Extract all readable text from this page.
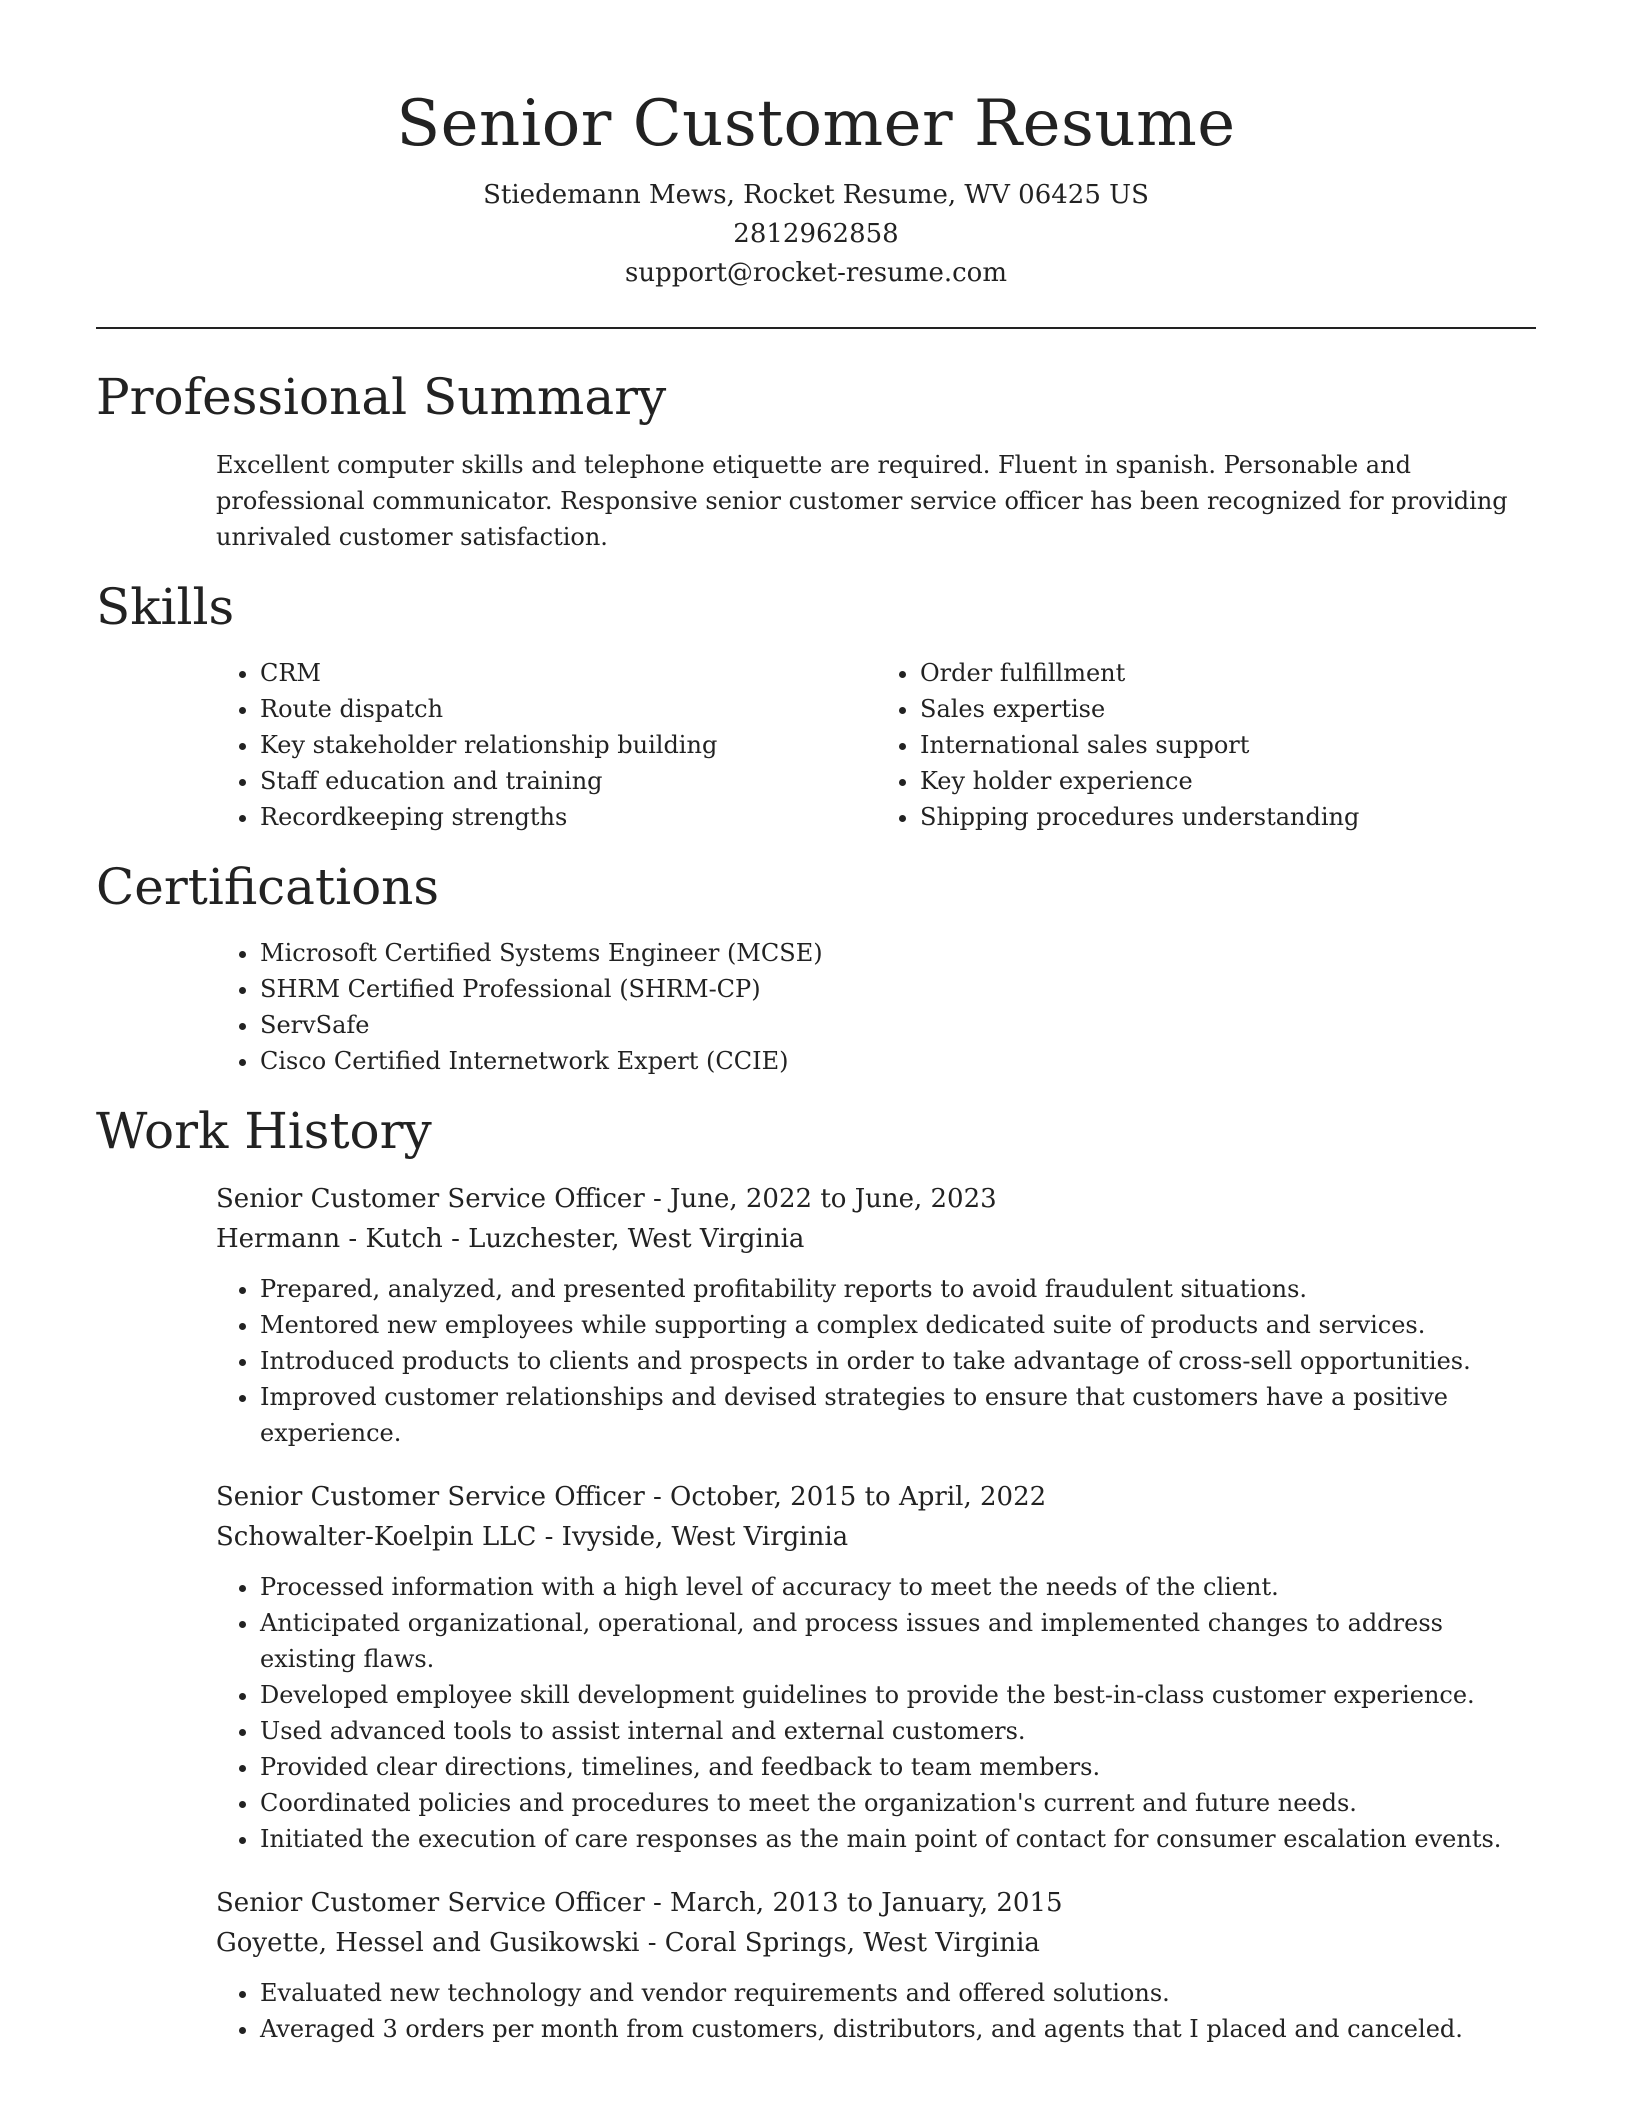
Senior Customer Resume

Stiedemann Mews, Rocket Resume, WV 06425 US

2812962858

support@rocket-resume.com

Professional Summary

Excellent computer skills and telephone etiquette are required. Fluent in spanish. Personable and professional communicator. Responsive senior customer service officer has been recognized for providing unrivaled customer satisfaction.

Skills
• CRM
• Route dispatch
• Key stakeholder relationship building
• Staff education and training
• Recordkeeping strengths
• Order fulfillment
• Sales expertise
• International sales support
• Key holder experience
• Shipping procedures understanding
Certifications
• Microsoft Certified Systems Engineer (MCSE)
• SHRM Certified Professional (SHRM-CP)
• ServSafe
• Cisco Certified Internetwork Expert (CCIE)
Work History

Senior Customer Service Officer - June, 2022 to June, 2023

Hermann - Kutch - Luzchester, West Virginia

• Prepared, analyzed, and presented profitability reports to avoid fraudulent situations.
• Mentored new employees while supporting a complex dedicated suite of products and services.
• Introduced products to clients and prospects in order to take advantage of cross-sell opportunities.
• Improved customer relationships and devised strategies to ensure that customers have a positive experience.

Senior Customer Service Officer - October, 2015 to April, 2022

Schowalter-Koelpin LLC - Ivyside, West Virginia

• Processed information with a high level of accuracy to meet the needs of the client.
• Anticipated organizational, operational, and process issues and implemented changes to address existing flaws.
• Developed employee skill development guidelines to provide the best-in-class customer experience.
• Used advanced tools to assist internal and external customers.
• Provided clear directions, timelines, and feedback to team members.
• Coordinated policies and procedures to meet the organization's current and future needs.
• Initiated the execution of care responses as the main point of contact for consumer escalation events.

Senior Customer Service Officer - March, 2013 to January, 2015

Goyette, Hessel and Gusikowski - Coral Springs, West Virginia

• Evaluated new technology and vendor requirements and offered solutions.
• Averaged 3 orders per month from customers, distributors, and agents that I placed and canceled.
